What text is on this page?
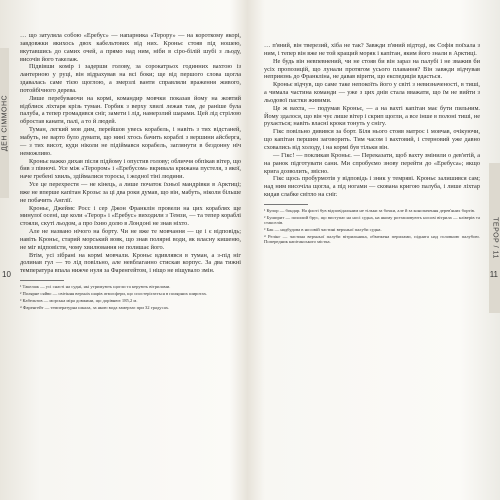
ДЕН СІММОНС
10

… що затуляла собою «Еребус» — напарника «Терору» — на короткому якорі, завдовжки якихось двох кабельтових від них. Кроньє стояв під ношею, вкутавшись до самих очей, а прямо над ним, ніби в сіро-білій шубі з льоду, височів його такелаж.

Підвівши комір і задерши голову, за сорокатрьох годинних вахтою із лантерною у руці, він відрахував на всі боки; ще від першого слова щогла здавалась саме тією щоглою, а змерзлі ванти справляли враження живого, потойбічного дерева.

Лише перебуваючи на кормі, командир мовчки показав йому на жовтий відблиск ліхтаря крізь туман. Горбик з верху хвилі лежав там, де раніше була палуба, а тепер громадився сніг, замети і лід, намерзлий шарами. Цей лід стрілою обростав канати, палі, а то й людей.

Туман, легкий мов дим, перейшов увесь корабель, і навіть з тих відстаней, мабуть, не варто було думати, що нині хтось бачить кораблі з вершини айсберга, — з тих висот, куди ніколи не підіймався корабель, заглянути в бездонну ніч неможливо.

Кроньє важко дихав після підйому і опустив голову; обличчя обпікав вітер, що бив з півночі. Усе між «Терором» і «Еребусом» вкривала крижана пустеля, з якої, наче гребені хвиль, здіймалися торосы, і жодної тіні людини.

Усе це перехрестя — не кінець, а лише початок їхньої мандрівки в Арктиці; вже не вперше капітан Крозьє за ці два роки думав, що він, мабуть, ніколи більше не побачить Англії.

Кроньє, Джеймс Росс і сер Джон Франклін провели на цих кораблях ще минулої осені, ще коли «Терор» і «Еребус» виходили з Темзи, — та тепер кораблі стояли, скуті льодом, а про їхню долю в Лондоні не знав ніхто.

Але не названо нічого на борту. Чи не вже те мовчання — це і є відповідь; навіть Кроньє, старий морський вовк, що знав полярні води, як власну кишеню, не міг відповісти, чому хвилювання не полишає його.

Втім, усі зібрані на кормі мовчали. Кроньє вдивлявся в туман, а з-під ніг долинав гул — то лід повільно, але невблаганно стискав корпус. За два тижні температура впала нижче нуля за Фаренгейтом, і ніщо не віщувало змін.

¹ Такелаж — усі снасті на судні, які утримують щогли та керують вітрилами.

² Полярне сяйво — світіння верхніх шарів атмосфери, що спостерігається в полярних широтах.

³ Кабельтов — морська міра довжини, що дорівнює 185,2 м.

⁴ Фаренгейт — температурна шкала, за якою вода замерзає при 32 градусах.

ТЕРОР / 11
11

… п'яний, він тверезий, хіба не так? Завжди п'яний відтоді, як Софія поїхала з ним, і тепер він вже не той кращий моряк і капітан, яким його знали в Арктиці.

Не будь він невпевнений, чи не стояв би він зараз на палубі і не зважив би усіх пропозицій, що лунали протягом усього плавання? Він завжди відчував неприязнь до Франкліна, не давав вірити, що експедиція вдасться.

Кроньє відчув, що саме таке непокоїть його у світі з невизначеності, в тиші, а чимала частина команди — уже з цих днів стала вважати, що їм не вийти з льодової пастки живими.

Це ж вахта, — подумав Кроньє, — а на вахті капітан має бути пильним. Йому здалося, що він чує лише вітер і скрип щогли, а все інше в полоні тиші, не рухається; навіть власні кроки тонуть у снігу.

Гікс повільно дивився за борт. Біля нього стояв матрос і мовчав, очікуючи, що капітан першим заговорить. Тим часом і вахтовий, і стерновий уже давно сховались від холоду, і на кормі був тільки він.

— Гікс! — покликав Кроньє. — Переказати, щоб вахту змінили о дев'ятій, а на ранок підготувати сани. Ми спробуємо знову перейти до «Еребуса»; якщо крига дозволить, звісно.

Гікс щось пробурмотів у відповідь і зник у темряві. Кроньє залишився сам; над ним височіла щогла, а під ногами — скована кригою палуба, і лише ліхтар кидав слабке світло на сніг.

¹ Купор — бондар. На флоті був відповідальним не тільки за бочки, але й за конопачення дерев'яних бортів.

² Бушприт — похилий брус, що виступає на носі судна, на якому розташовують носові вітрила — кліверів та стакселів.

³ Бак — надбудова в носовій частині верхньої палуби судна.

⁴ Релінг — частина верхньої палуби вітрильника, обмежена перилами, піднята над головною палубою. Попередник капітанського містка.
